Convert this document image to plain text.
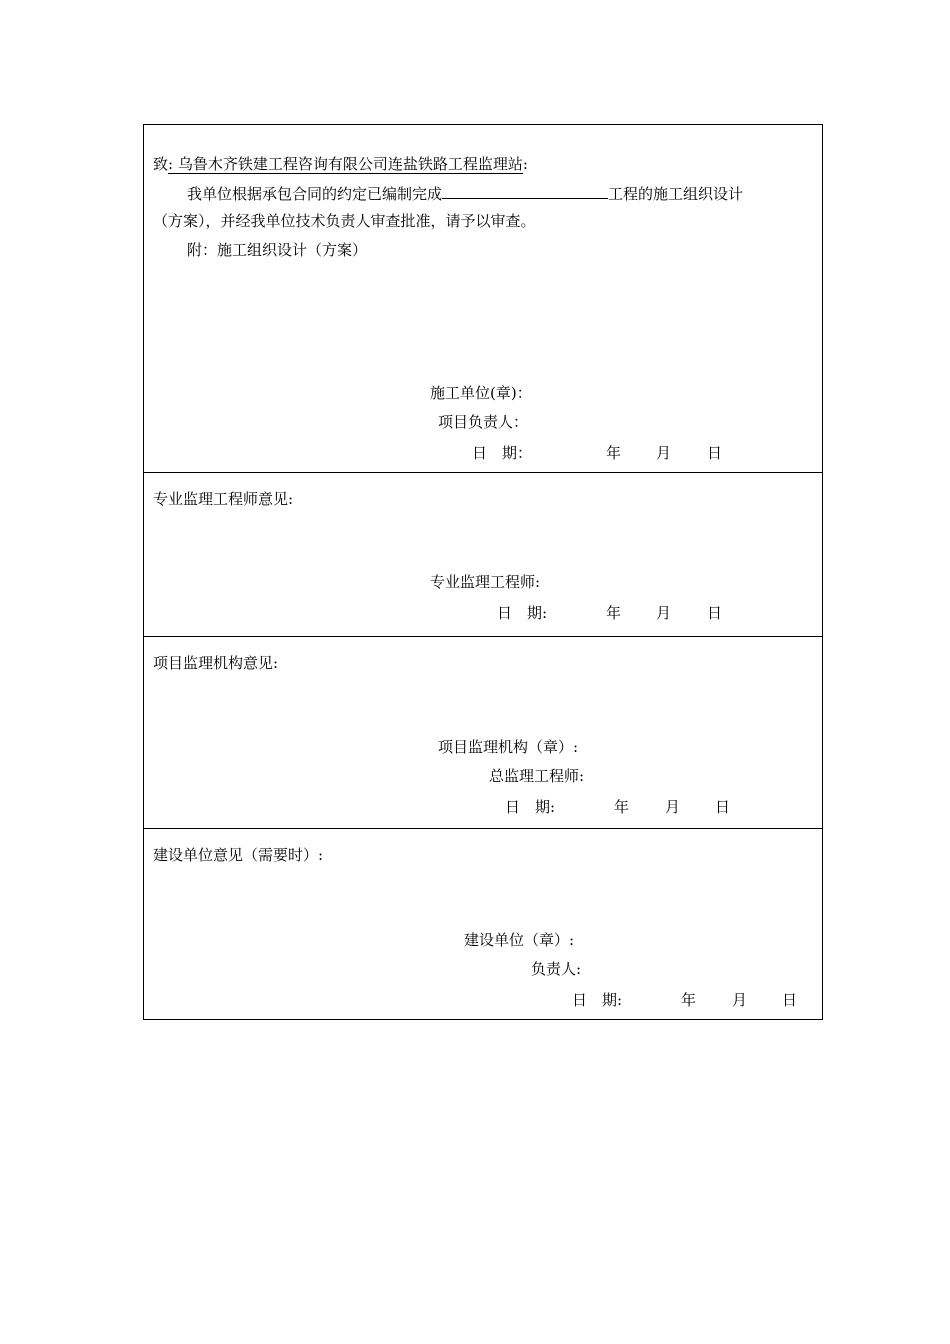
致: 乌鲁木齐铁建工程咨询有限公司连盐铁路工程监理站:
我单位根据承包合同的约定已编制完成	工程的施工组织设计
（方案），并经我单位技术负责人审查批准，请予以审查。
附：施工组织设计（方案）
施工单位(章)：
项目负责人：
日　期：	年 月 日
专业监理工程师意见:
专业监理工程师:
日　期:	年 月 日
项目监理机构意见:
项目监理机构（章）:
总监理工程师:
日　期:	年 月 日
建设单位意见（需要时）:
建设单位（章）:
负责人:
日　期:	年 月 日
